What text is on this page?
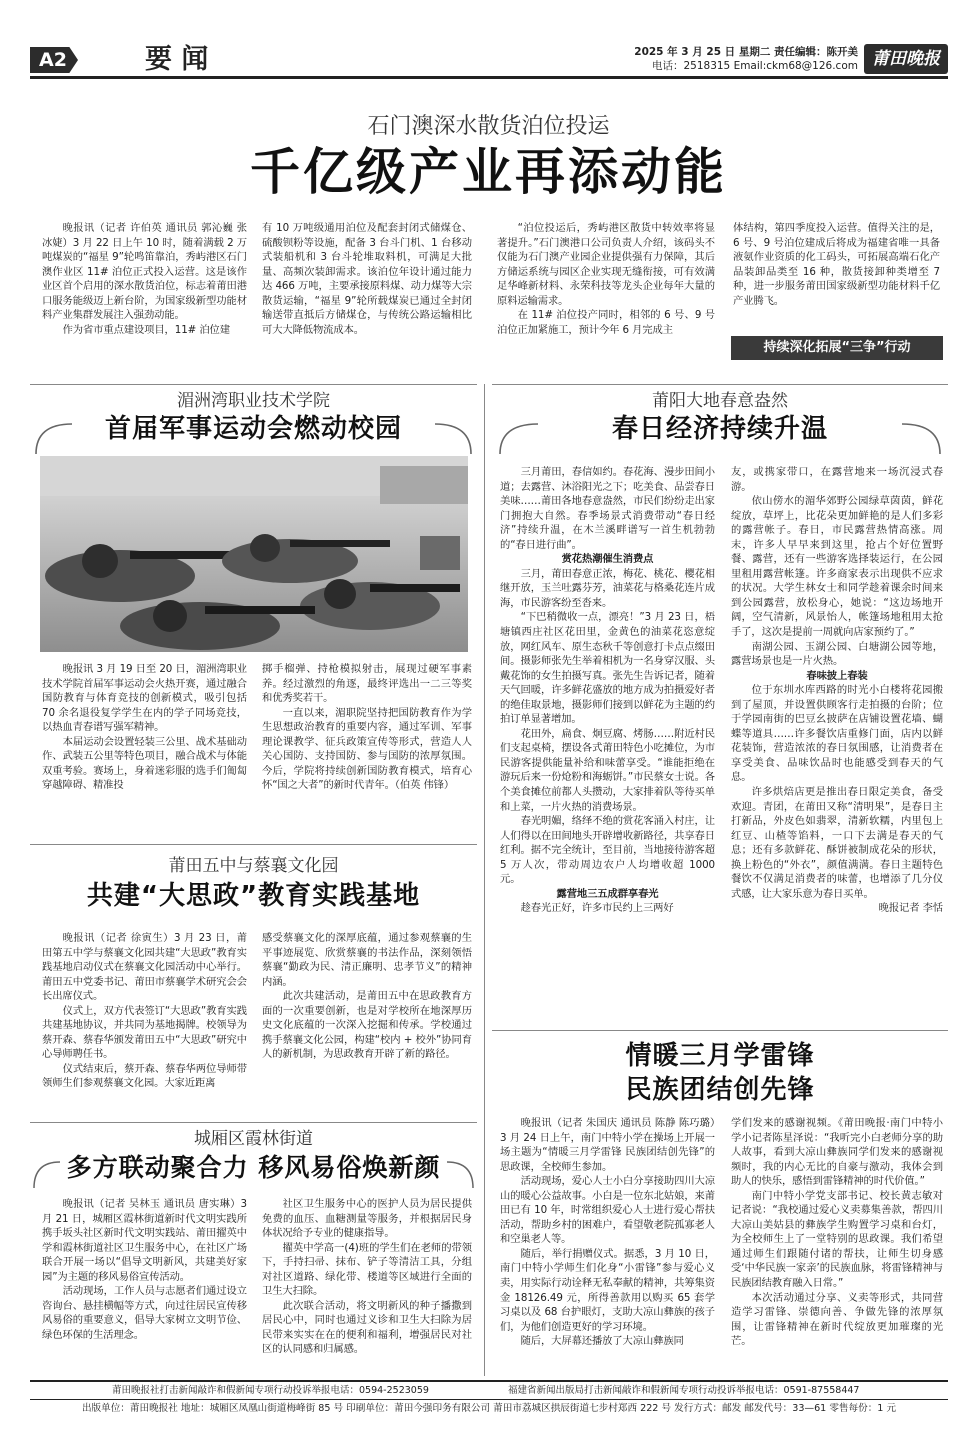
A2	要 闻	2025 年 3 月 25 日 星期二 责任编辑：陈开美
电话：2518315 Email:ckm68@126.com 莆田晚报
石门澳深水散货泊位投运
千亿级产业再添动能

晚报讯（记者 许伯英 通讯员 郭沁巍 张冰婕）3 月 22 日上午 10 时，随着满载 2 万吨煤炭的“福星 9”轮鸣笛靠泊，秀屿港区石门澳作业区 11# 泊位正式投入运营。这是该作业区首个启用的深水散货泊位，标志着莆田港口服务能级迈上新台阶，为国家级新型功能材料产业集群发展注入强劲动能。

作为省市重点建设项目，11# 泊位建

有 10 万吨级通用泊位及配套封闭式储煤仓、硫酸钡粉等设施，配备 3 台斗门机、1 台移动式装船机和 3 台斗轮堆取料机，可满足大批量、高频次装卸需求。该泊位年设计通过能力达 466 万吨，主要承接原料煤、动力煤等大宗散货运输，“福星 9”轮所载煤炭已通过全封闭输送带直抵后方储煤仓，与传统公路运输相比可大大降低物流成本。

“泊位投运后，秀屿港区散货中转效率将显著提升。”石门澳港口公司负责人介绍，该码头不仅能为石门澳产业园企业提供强有力保障，其后方储运系统与园区企业实现无缝衔接，可有效满足华峰新材料、永荣科技等龙头企业每年大量的原料运输需求。

在 11# 泊位投产同时，相邻的 6 号、9 号泊位正加紧施工，预计今年 6 月完成主

体结构，第四季度投入运营。值得关注的是，6 号、9 号泊位建成后将成为福建省唯一具备液氨作业资质的化工码头，可拓展高端石化产品装卸品类至 16 种，散货接卸种类增至 7 种，进一步服务莆田国家级新型功能材料千亿产业腾飞。

持续深化拓展“三争”行动
湄洲湾职业技术学院
首届军事运动会燃动校园

晚报讯 3 月 19 日至 20 日，湄洲湾职业技术学院首届军事运动会火热开赛，通过融合国防教育与体育竞技的创新模式，吸引包括 70 余名退役复学学生在内的学子同场竞技，以热血青春谱写强军精神。

本届运动会设置轻装三公里、战术基础动作、武装五公里等特色项目，融合战术与体能双重考验。赛场上，身着迷彩服的选手们匍匐穿越障碍、精准投

掷手榴弹、持枪模拟射击，展现过硬军事素养。经过激烈的角逐，最终评选出一二三等奖和优秀奖若干。

一直以来，湄职院坚持把国防教育作为学生思想政治教育的重要内容，通过军训、军事理论课教学、征兵政策宣传等形式，营造人人关心国防、支持国防、参与国防的浓厚氛围。今后，学院将持续创新国防教育模式，培育心怀“国之大者”的新时代青年。（伯英 伟锋）

莆田五中与蔡襄文化园
共建“大思政”教育实践基地

晚报讯（记者 徐寅生）3 月 23 日，莆田第五中学与蔡襄文化园共建“大思政”教育实践基地启动仪式在蔡襄文化园活动中心举行。莆田五中党委书记、莆田市蔡襄学术研究会会长出席仪式。

仪式上，双方代表签订“大思政”教育实践共建基地协议，并共同为基地揭牌。校领导为蔡开森、蔡春华颁发莆田五中“大思政”研究中心导师聘任书。

仪式结束后，蔡开森、蔡春华两位导师带领师生们参观蔡襄文化园。大家近距离

感受蔡襄文化的深厚底蕴，通过参观蔡襄的生平事迹展览、欣赏蔡襄的书法作品，深刻领悟蔡襄“勤政为民、清正廉明、忠孝节义”的精神内涵。

此次共建活动，是莆田五中在思政教育方面的一次重要创新，也是对学校所在地深厚历史文化底蕴的一次深入挖掘和传承。学校通过携手蔡襄文化公园，构建“校内 + 校外”协同育人的新机制，为思政教育开辟了新的路径。

城厢区霞林街道
多方联动聚合力 移风易俗焕新颜

晚报讯（记者 吴林玉 通讯员 唐实琳）3 月 21 日，城厢区霞林街道新时代文明实践所携手坂头社区新时代文明实践站、莆田擢英中学和霞林街道社区卫生服务中心，在社区广场联合开展一场以“倡导文明新风，共建美好家园”为主题的移风易俗宣传活动。

活动现场，工作人员与志愿者们通过设立咨询台、悬挂横幅等方式，向过往居民宣传移风易俗的重要意义，倡导大家树立文明节俭、绿色环保的生活理念。

社区卫生服务中心的医护人员为居民提供免费的血压、血糖测量等服务，并根据居民身体状况给予专业的健康指导。

擢英中学高一(4)班的学生们在老师的带领下，手持扫帚、抹布、铲子等清洁工具，分组对社区道路、绿化带、楼道等区域进行全面的卫生大扫除。

此次联合活动，将文明新风的种子播撒到居民心中，同时也通过义诊和卫生大扫除为居民带来实实在在的便利和福利，增强居民对社区的认同感和归属感。

莆阳大地春意盎然
春日经济持续升温

三月莆田，春信如约。春花海、漫步田间小道；去露营、沐浴阳光之下；吃美食、品尝春日美味……莆田各地春意盎然，市民们纷纷走出家门拥抱大自然。春季场景式消费带动“春日经济”持续升温，在木兰溪畔谱写一首生机勃勃的“春日进行曲”。

赏花热潮催生消费点

三月，莆田春意正浓，梅花、桃花、樱花相继开放，玉兰吐露芬芳，油菜花与格桑花连片成海，市民游客纷至沓来。

“下巴稍微收一点，漂亮！”3 月 23 日，梧塘镇西庄社区花田里，金黄色的油菜花恣意绽放，网红风车、原生态秋千等创意打卡点点缀田间。摄影师张先生举着相机为一名身穿汉服、头戴花饰的女生拍摄写真。张先生告诉记者，随着天气回暖，许多鲜花盛放的地方成为拍摄爱好者的绝佳取景地，摄影师们接到以鲜花为主题的约拍订单显著增加。

花田外，扁食、炯豆腐、烤肠……附近村民们支起桌椅，摆设各式莆田特色小吃摊位，为市民游客提供能量补给和味蕾享受。“谁能拒绝在游玩后来一份炝粉和海蛎饼。”市民蔡女士说。各个美食摊位前都人头攒动，大家排着队等待买单和上菜，一片火热的消费场景。

春光明媚，络绎不绝的赏花客涌入村庄，让人们得以在田间地头开辟增收新路径，共享春日红利。据不完全统计，至目前，当地接待游客超 5 万人次，带动周边农户人均增收超 1000 元。

露营地三五成群享春光

趁春光正好，许多市民约上三两好

友，或携家带口，在露营地来一场沉浸式春游。

依山傍水的湄华郊野公园绿草茵茵，鲜花绽放，草坪上，比花朵更加鲜艳的是人们多彩的露营帐子。春日，市民露营热情高涨。周末，许多人早早来到这里，抢占个好位置野餐、露营，还有一些游客选择装运行，在公园里租用露营帐篷。许多商家表示出现供不应求的状况。大学生林女士和同学趁着课余时间来到公园露营，放松身心，她说：“这边场地开阔，空气清新，风景怡人，帐篷场地租用太抢手了，这次是提前一周就向店家预约了。”

南湖公园、玉湖公园、白塘湖公园等地，露营场景也是一片火热。

春味披上春装

位于东圳水库西路的时光小白楼将花园搬到了屋顶，并设置供顾客行走拍摄的台阶；位于学园南街的巴豆幺披萨在店铺设置花墙、蝴蝶等道具……许多餐饮店重修门面，店内以鲜花装饰，营造浓浓的春日氛围感，让消费者在享受美食、品味饮品时也能感受到春天的气息。

许多烘焙店更是推出春日限定美食，备受欢迎。青团，在莆田又称“清明果”，是春日主打新品，外皮色如翡翠，清新软糯，内里包上红豆、山楂等馅料，一口下去满是春天的气息；还有多款鲜花、酥饼被制成花朵的形状，换上粉色的“外衣”，颜值满满。春日主题特色餐饮不仅满足消费者的味蕾，也增添了几分仪式感，让大家乐意为春日买单。

晚报记者 李恬

情暖三月学雷锋
民族团结创先锋

晚报讯（记者 朱国庆 通讯员 陈静 陈巧璐）3 月 24 日上午，南门中特小学在操场上开展一场主题为“情暖三月学雷锋 民族团结创先锋”的思政课，全校师生参加。

活动现场，爱心人士小白分享接助四川大凉山的暖心公益故事。小白是一位东北姑娘，来莆田已有 10 年，时常组织爱心人士进行爱心帮扶活动，帮助乡村的困难户，看望敬老院孤寡老人和空巢老人等。

随后，举行捐赠仪式。据悉，3 月 10 日，南门中特小学师生们化身“小雷锋”参与爱心义卖，用实际行动诠释无私奉献的精神，共筹集资金 18126.49 元，所得善款用以购买 65 套学习桌以及 68 台护眼灯，支助大凉山彝族的孩子们，为他们创造更好的学习环境。

随后，大屏幕还播放了大凉山彝族同

学们发来的感谢视频。《莆田晚报·南门中特小学小记者陈星泽说：“我听完小白老师分享的助人故事，看到大凉山彝族同学们发来的感谢视频时，我的内心无比的自豪与激动，我体会到助人的快乐，感悟到雷锋精神的时代价值。”

南门中特小学党支部书记、校长黄志敏对记者说：“我校通过爱心义卖募集善款，帮四川大凉山美姑县的彝族学生购置学习桌和台灯，为全校师生上了一堂特别的思政课。我们希望通过师生们跟随付诸的帮扶，让师生切身感受‘中华民族一家亲’的民族血脉，将雷锋精神与民族团结教育融入日常。”

本次活动通过分享、义卖等形式，共同营造学习雷锋、崇德向善、争做先锋的浓厚氛围，让雷锋精神在新时代绽放更加璀璨的光芒。

莆田晚报社打击新闻敲诈和假新闻专项行动投诉举报电话：0594-2523059	福建省新闻出版局打击新闻敲诈和假新闻专项行动投诉举报电话：0591-87558447
出版单位：莆田晚报社 地址：城厢区凤凰山街道梅峰街 85 号 印刷单位：莆田今强印务有限公司 莆田市荔城区拱辰街道七步村郑西 222 号 发行方式：邮发 邮发代号：33—61 零售每份：1 元
